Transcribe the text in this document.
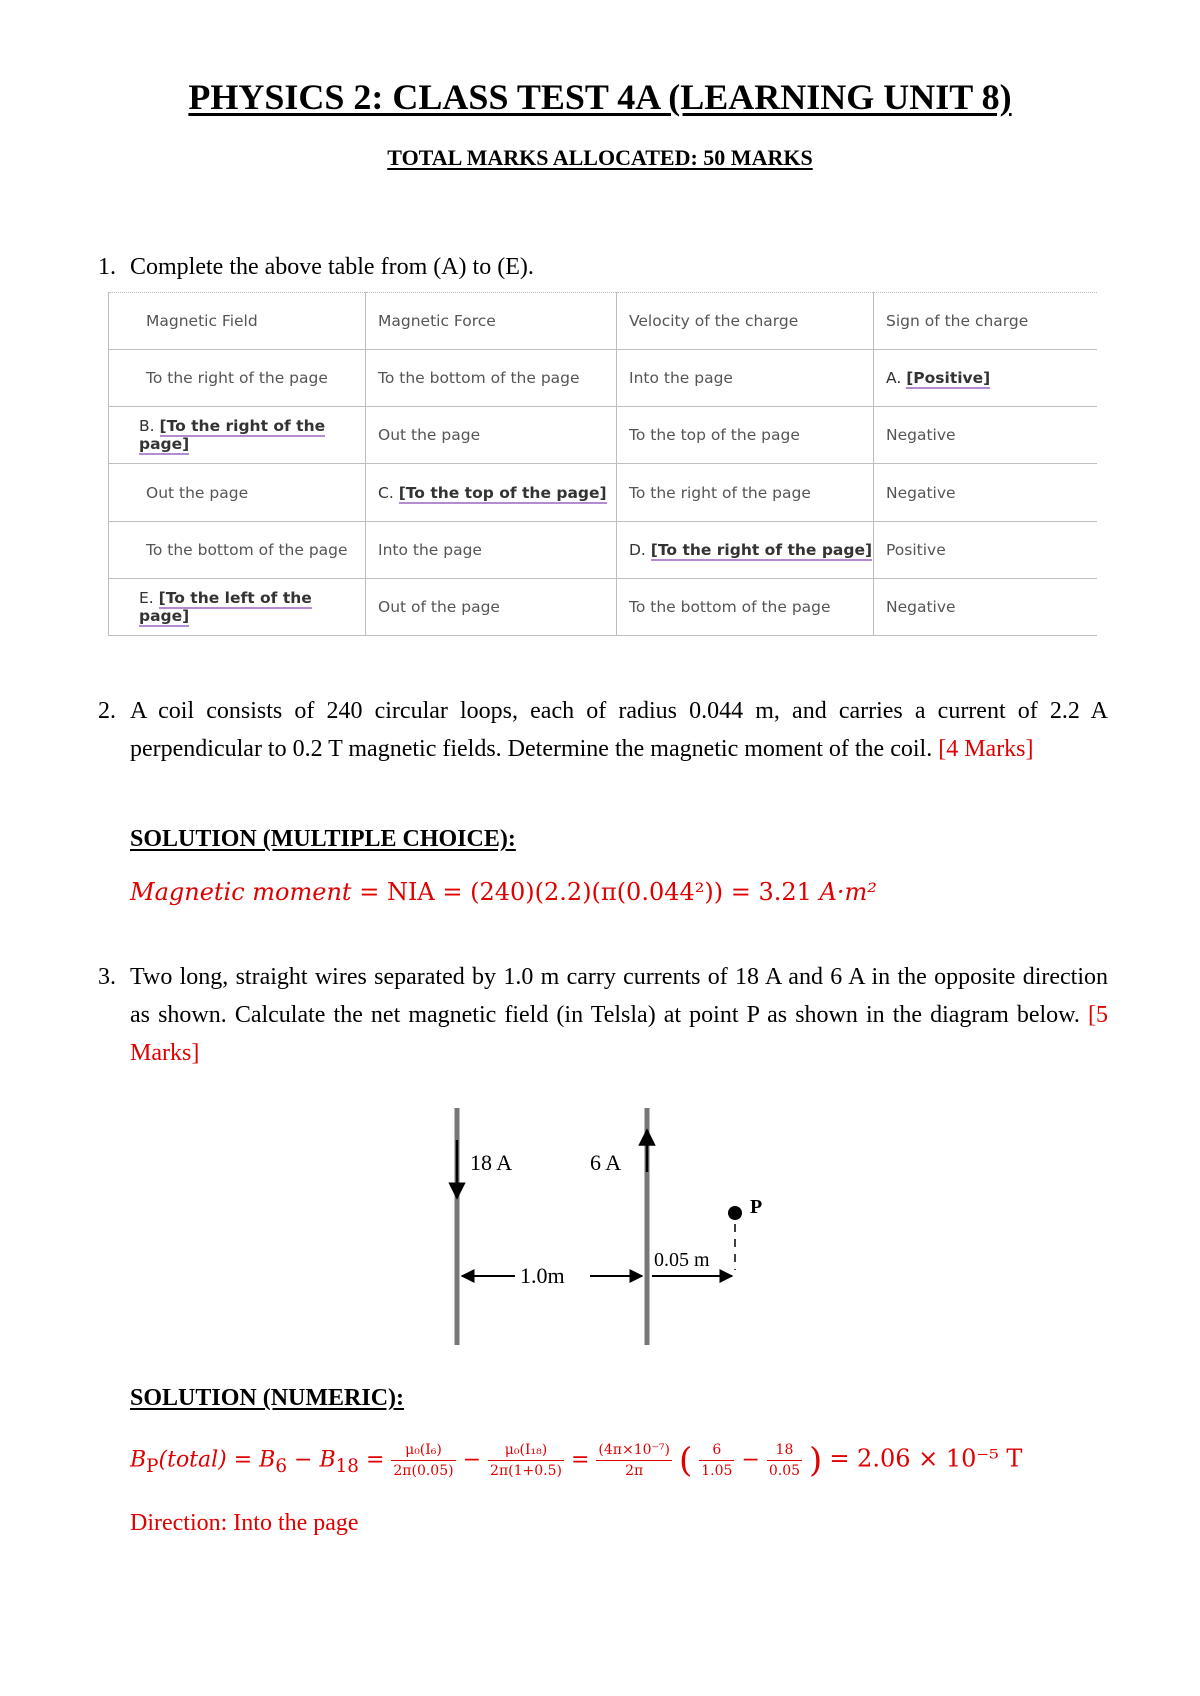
PHYSICS 2: CLASS TEST 4A (LEARNING UNIT 8)
TOTAL MARKS ALLOCATED: 50 MARKS
1. Complete the above table from (A) to (E).
Magnetic Field	Magnetic Force	Velocity of the charge	Sign of the charge
To the right of the page	To the bottom of the page	Into the page	A. [Positive]
B. [To the right of the page]	Out the page	To the top of the page	Negative
Out the page	C. [To the top of the page]	To the right of the page	Negative
To the bottom of the page	Into the page	D. [To the right of the page]	Positive
E. [To the left of the page]	Out of the page	To the bottom of the page	Negative
2. A coil consists of 240 circular loops, each of radius 0.044 m, and carries a current of 2.2 A perpendicular to 0.2 T magnetic fields. Determine the magnetic moment of the coil. [4 Marks]
SOLUTION (MULTIPLE CHOICE):
Magnetic moment = NIA = (240)(2.2)(π(0.044²)) = 3.21 A·m²
3. Two long, straight wires separated by 1.0 m carry currents of 18 A and 6 A in the opposite direction as shown. Calculate the net magnetic field (in Telsla) at point P as shown in the diagram below. [5 Marks]
18 A	6 A
P
1.0m
0.05 m
SOLUTION (NUMERIC):
$B_P(total) = B_6 - B_{18} = \frac{\text{μ₀(I₆)}}{2\pi(0.05)} - \frac{\text{μ₀(I₁₈)}}{2\pi(1+0.5)} = \frac{\text{(4π×10⁻⁷)}}{2\pi}$ ( $\frac{6}{1.05} - \frac{18}{0.05}$ ) = 2.06 × 10⁻⁵ T
Direction: Into the page
